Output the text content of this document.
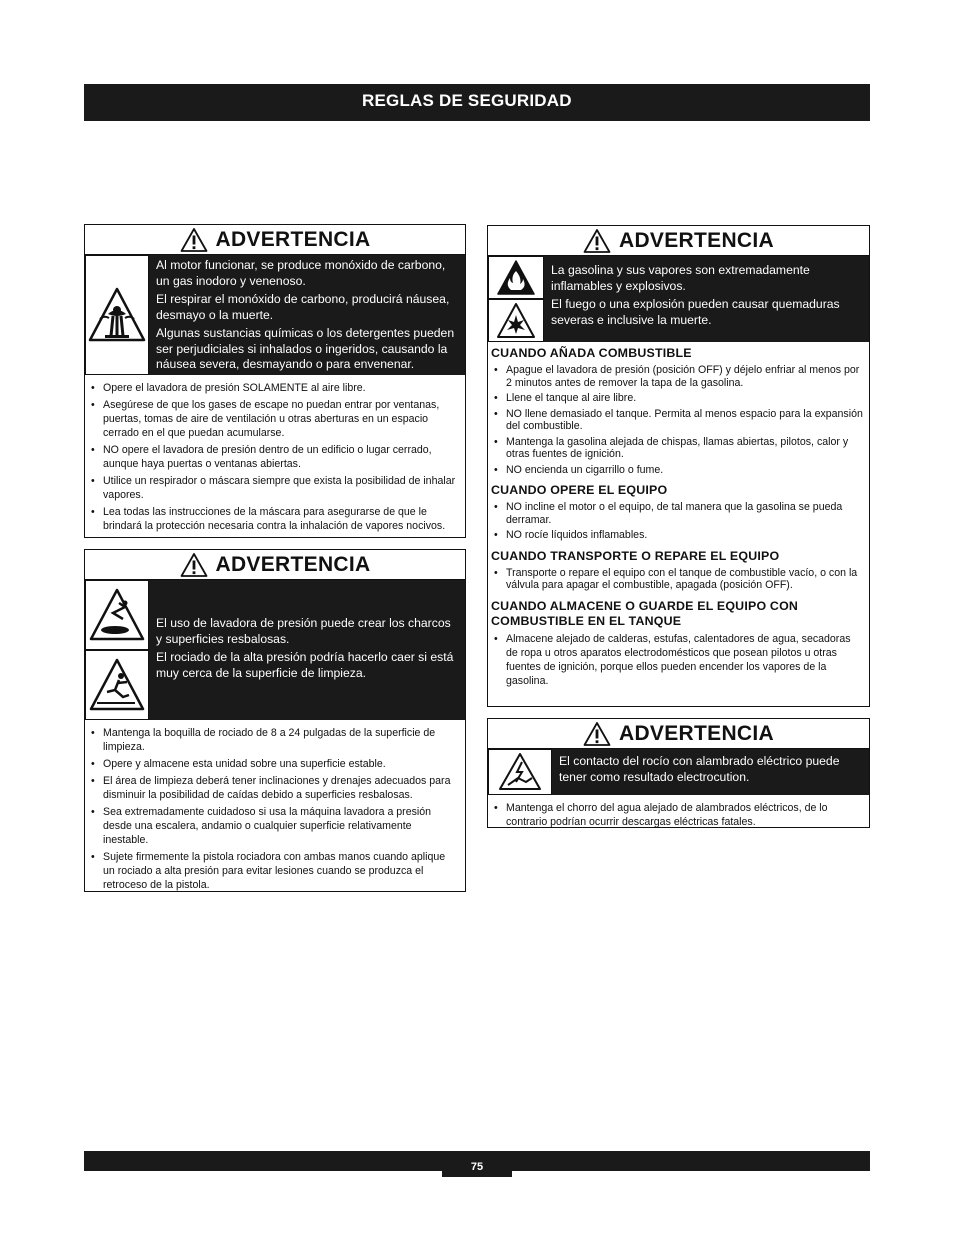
REGLAS DE SEGURIDAD
ADVERTENCIA

Al motor funcionar, se produce monóxido de carbono, un gas inodoro y venenoso.

El respirar el monóxido de carbono, producirá náusea, desmayo o la muerte.

Algunas sustancias químicas o los detergentes pueden ser perjudiciales si inhalados o ingeridos, causando la náusea severa, desmayando o para envenenar.

• Opere el lavadora de presión SOLAMENTE al aire libre.
• Asegúrese de que los gases de escape no puedan entrar por ventanas, puertas, tomas de aire de ventilación u otras aberturas en un espacio cerrado en el que puedan acumularse.
• NO opere el lavadora de presión dentro de un edificio o lugar cerrado, aunque haya puertas o ventanas abiertas.
• Utilice un respirador o máscara siempre que exista la posibilidad de inhalar vapores.
• Lea todas las instrucciones de la máscara para asegurarse de que le brindará la protección necesaria contra la inhalación de vapores nocivos.
ADVERTENCIA

El uso de lavadora de presión puede crear los charcos y superficies resbalosas.

El rociado de la alta presión podría hacerlo caer si está muy cerca de la superficie de limpieza.

• Mantenga la boquilla de rociado de 8 a 24 pulgadas de la superficie de limpieza.
• Opere y almacene esta unidad sobre una superficie estable.
• El área de limpieza deberá tener inclinaciones y drenajes adecuados para disminuir la posibilidad de caídas debido a superficies resbalosas.
• Sea extremadamente cuidadoso si usa la máquina lavadora a presión desde una escalera, andamio o cualquier superficie relativamente inestable.
• Sujete firmemente la pistola rociadora con ambas manos cuando aplique un rociado a alta presión para evitar lesiones cuando se produzca el retroceso de la pistola.
ADVERTENCIA

La gasolina y sus vapores son extremadamente inflamables y explosivos.

El fuego o una explosión pueden causar quemaduras severas e inclusive la muerte.

CUANDO AÑADA COMBUSTIBLE
• Apague el lavadora de presión (posición OFF) y déjelo enfriar al menos por 2 minutos antes de remover la tapa de la gasolina.
• Llene el tanque al aire libre.
• NO llene demasiado el tanque. Permita al menos espacio para la expansión del combustible.
• Mantenga la gasolina alejada de chispas, llamas abiertas, pilotos, calor y otras fuentes de ignición.
• NO encienda un cigarrillo o fume.
CUANDO OPERE EL EQUIPO
• NO incline el motor o el equipo, de tal manera que la gasolina se pueda derramar.
• NO rocíe líquidos inflamables.
CUANDO TRANSPORTE O REPARE EL EQUIPO
• Transporte o repare el equipo con el tanque de combustible vacío, o con la válvula para apagar el combustible, apagada (posición OFF).
CUANDO ALMACENE O GUARDE EL EQUIPO CON COMBUSTIBLE EN EL TANQUE
• Almacene alejado de calderas, estufas, calentadores de agua, secadoras de ropa u otros aparatos electrodomésticos que posean pilotos u otras fuentes de ignición, porque ellos pueden encender los vapores de la gasolina.
ADVERTENCIA

El contacto del rocío con alambrado eléctrico puede tener como resultado electrocution.

• Mantenga el chorro del agua alejado de alambrados eléctricos, de lo contrario podrían ocurrir descargas eléctricas fatales.
75
